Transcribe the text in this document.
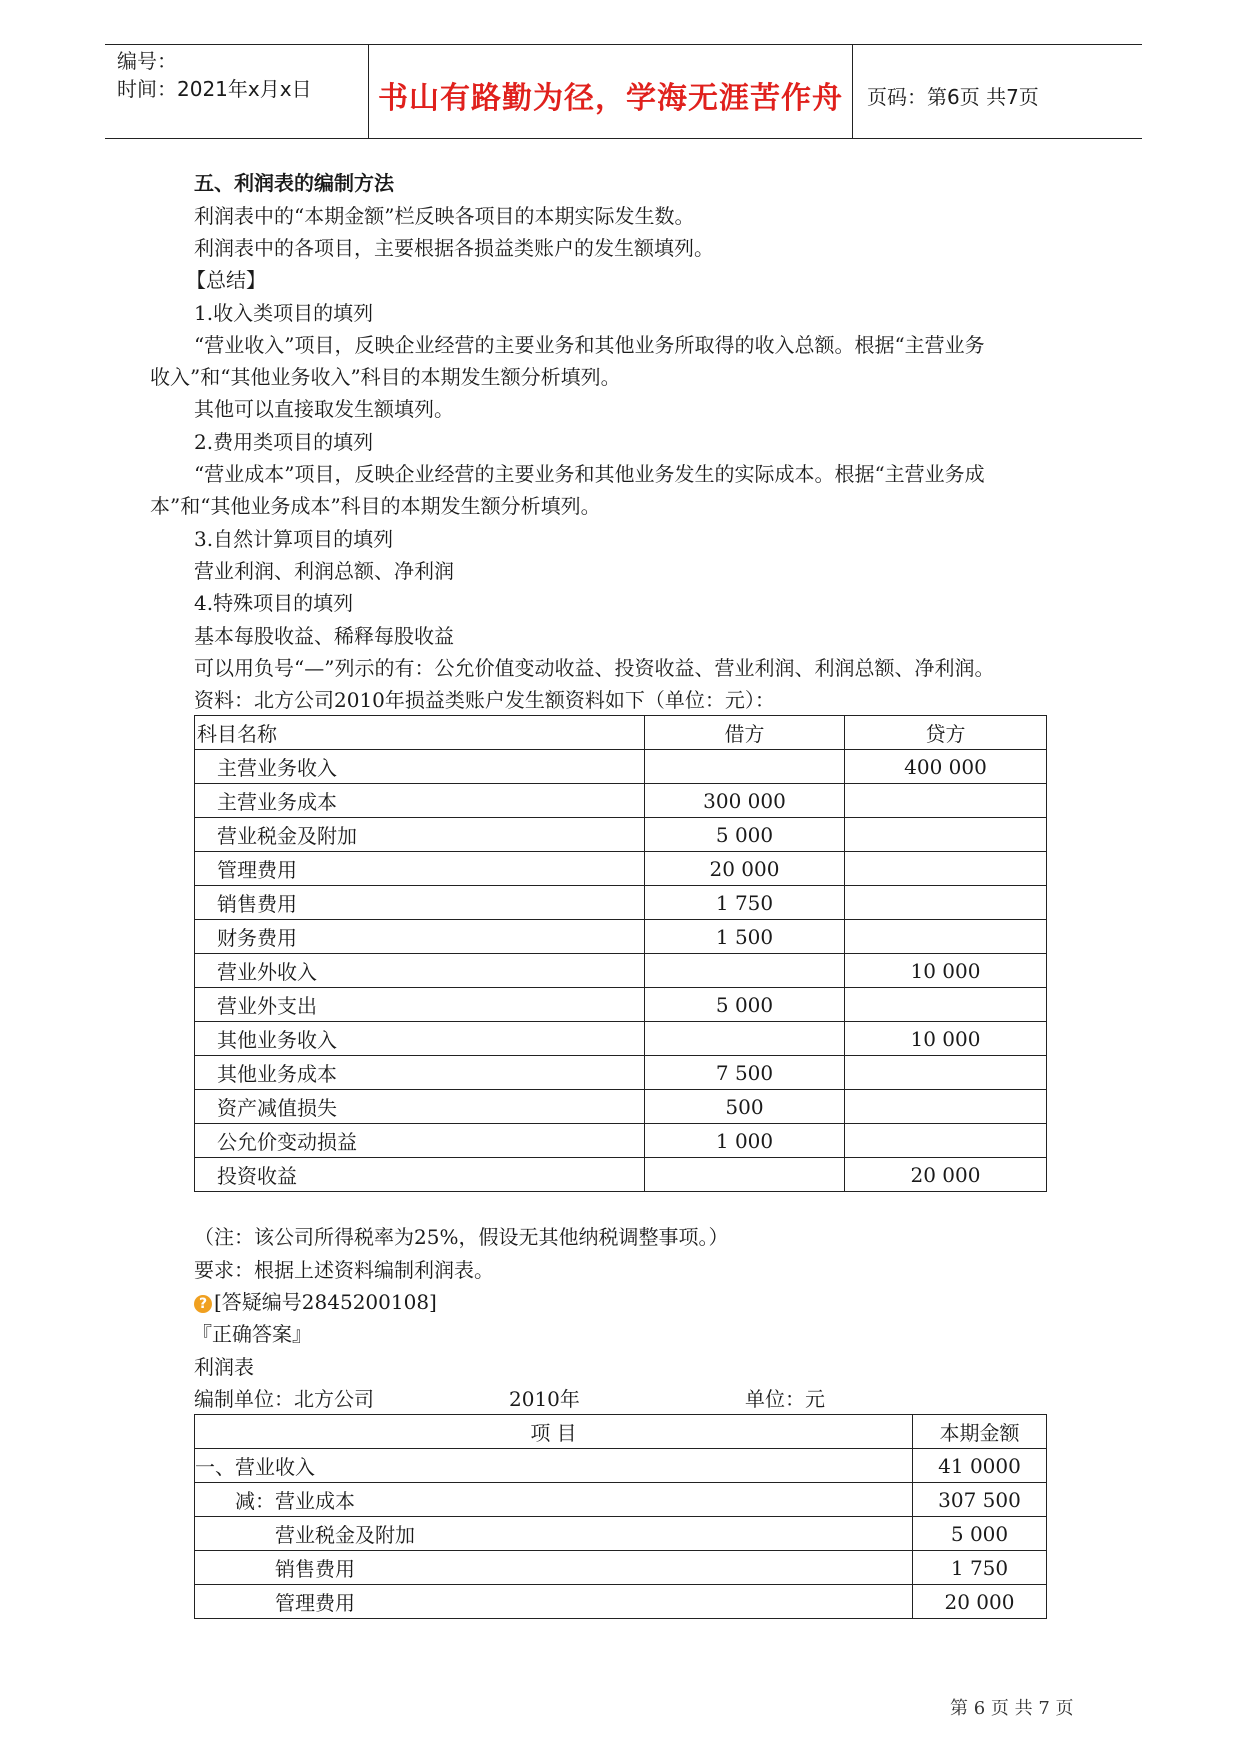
编号：
时间：2021年x月x日	书山有路勤为径，学海无涯苦作舟	页码：第6页 共7页
五、利润表的编制方法
利润表中的“本期金额”栏反映各项目的本期实际发生数。
利润表中的各项目，主要根据各损益类账户的发生额填列。
【总结】
1.收入类项目的填列
“营业收入”项目，反映企业经营的主要业务和其他业务所取得的收入总额。根据“主营业务
收入”和“其他业务收入”科目的本期发生额分析填列。
其他可以直接取发生额填列。
2.费用类项目的填列
“营业成本”项目，反映企业经营的主要业务和其他业务发生的实际成本。根据“主营业务成
本”和“其他业务成本”科目的本期发生额分析填列。
3.自然计算项目的填列
营业利润、利润总额、净利润
4.特殊项目的填列
基本每股收益、稀释每股收益
可以用负号“—”列示的有：公允价值变动收益、投资收益、营业利润、利润总额、净利润。
资料：北方公司2010年损益类账户发生额资料如下（单位：元）：
科目名称	借方	贷方
主营业务收入		400 000
主营业务成本	300 000	
营业税金及附加	5 000	
管理费用	20 000	
销售费用	1 750	
财务费用	1 500	
营业外收入		10 000
营业外支出	5 000	
其他业务收入		10 000
其他业务成本	7 500	
资产减值损失	500	
公允价变动损益	1 000	
投资收益		20 000
（注：该公司所得税率为25%，假设无其他纳税调整事项。）
要求：根据上述资料编制利润表。
? [答疑编号2845200108]
『正确答案』
利润表
编制单位：北方公司	2010年	单位：元
项 目	本期金额
一、营业收入	41 0000
减：营业成本	307 500
营业税金及附加	5 000
销售费用	1 750
管理费用	20 000
第 6 页 共 7 页
